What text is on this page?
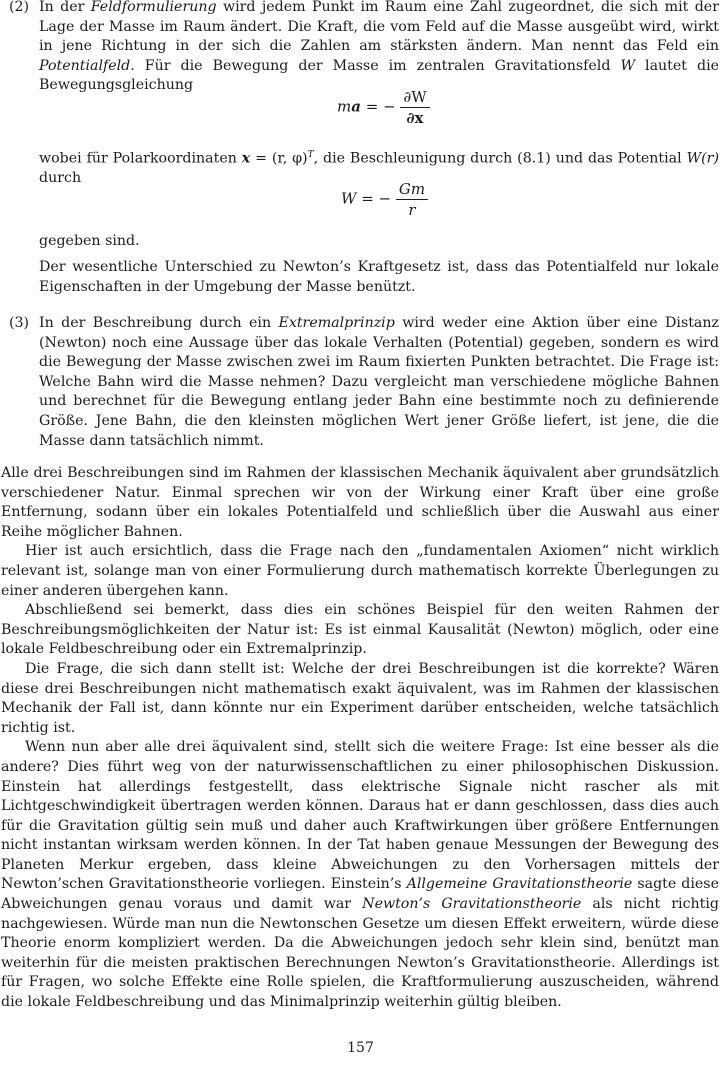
(2) In der Feldformulierung wird jedem Punkt im Raum eine Zahl zugeordnet, die sich mit der Lage der Masse im Raum ändert. Die Kraft, die vom Feld auf die Masse ausgeübt wird, wirkt in jene Richtung in der sich die Zahlen am stärksten ändern. Man nennt das Feld ein Potentialfeld. Für die Bewegung der Masse im zentralen Gravitationsfeld W lautet die Bewegungsgleichung

ma = − $\frac{\partial W}{\partial x}$

wobei für Polarkoordinaten x = (r, φ)$^T$, die Beschleunigung durch (8.1) und das Potential W(r) durch

W = − $\frac{Gm}{r}$

gegeben sind.

Der wesentliche Unterschied zu Newton’s Kraftgesetz ist, dass das Potentialfeld nur lokale Eigenschaften in der Umgebung der Masse benützt.

(3) In der Beschreibung durch ein Extremalprinzip wird weder eine Aktion über eine Distanz (Newton) noch eine Aussage über das lokale Verhalten (Potential) gegeben, sondern es wird die Bewegung der Masse zwischen zwei im Raum fixierten Punkten betrachtet. Die Frage ist: Welche Bahn wird die Masse nehmen? Dazu vergleicht man verschiedene mögliche Bahnen und berechnet für die Bewegung entlang jeder Bahn eine bestimmte noch zu definierende Größe. Jene Bahn, die den kleinsten möglichen Wert jener Größe liefert, ist jene, die die Masse dann tatsächlich nimmt.

Alle drei Beschreibungen sind im Rahmen der klassischen Mechanik äquivalent aber grundsätzlich verschiedener Natur. Einmal sprechen wir von der Wirkung einer Kraft über eine große Entfernung, sodann über ein lokales Potentialfeld und schließlich über die Auswahl aus einer Reihe möglicher Bahnen.

Hier ist auch ersichtlich, dass die Frage nach den „fundamentalen Axiomen“ nicht wirklich relevant ist, solange man von einer Formulierung durch mathematisch korrekte Überlegungen zu einer anderen übergehen kann.

Abschließend sei bemerkt, dass dies ein schönes Beispiel für den weiten Rahmen der Beschreibungsmöglichkeiten der Natur ist: Es ist einmal Kausalität (Newton) möglich, oder eine lokale Feldbeschreibung oder ein Extremalprinzip.

Die Frage, die sich dann stellt ist: Welche der drei Beschreibungen ist die korrekte? Wären diese drei Beschreibungen nicht mathematisch exakt äquivalent, was im Rahmen der klassischen Mechanik der Fall ist, dann könnte nur ein Experiment darüber entscheiden, welche tatsächlich richtig ist.

Wenn nun aber alle drei äquivalent sind, stellt sich die weitere Frage: Ist eine besser als die andere? Dies führt weg von der naturwissenschaftlichen zu einer philosophischen Diskussion. Einstein hat allerdings festgestellt, dass elektrische Signale nicht rascher als mit Lichtgeschwindigkeit übertragen werden können. Daraus hat er dann geschlossen, dass dies auch für die Gravitation gültig sein muß und daher auch Kraftwirkungen über größere Entfernungen nicht instantan wirksam werden können. In der Tat haben genaue Messungen der Bewegung des Planeten Merkur ergeben, dass kleine Abweichungen zu den Vorhersagen mittels der Newton’schen Gravitationstheorie vorliegen. Einstein’s Allgemeine Gravitationstheorie sagte diese Abweichungen genau voraus und damit war Newton’s Gravitationstheorie als nicht richtig nachgewiesen. Würde man nun die Newtonschen Gesetze um diesen Effekt erweitern, würde diese Theorie enorm kompliziert werden. Da die Abweichungen jedoch sehr klein sind, benützt man weiterhin für die meisten praktischen Berechnungen Newton’s Gravitationstheorie. Allerdings ist für Fragen, wo solche Effekte eine Rolle spielen, die Kraftformulierung auszuscheiden, während die lokale Feldbeschreibung und das Minimalprinzip weiterhin gültig bleiben.

157
